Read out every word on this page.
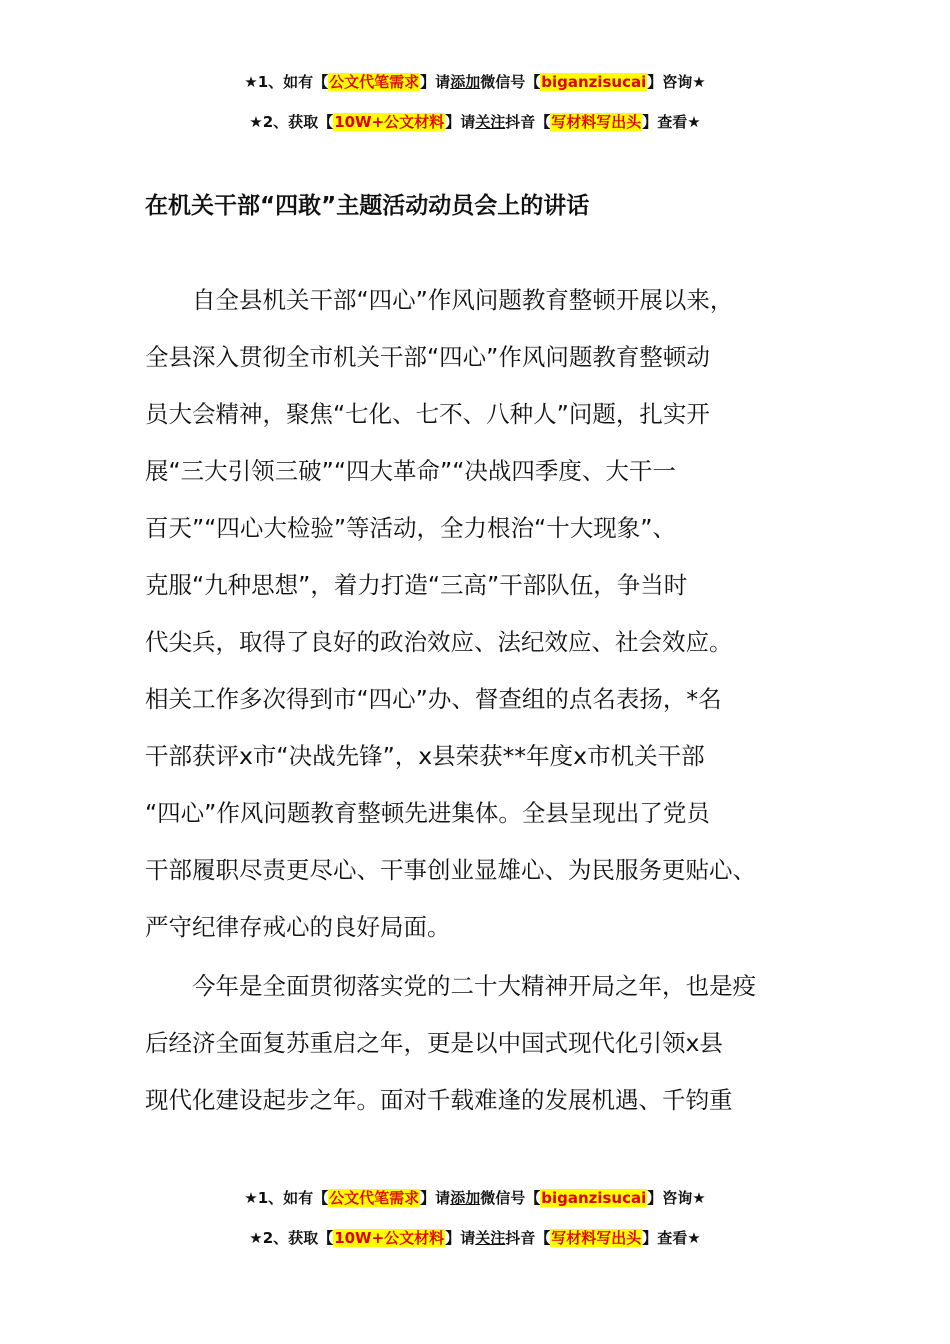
★1、如有【公文代笔需求】请添加微信号【biganzisucai】咨询★
★2、获取【10W+公文材料】请关注抖音【写材料写出头】查看★
在机关干部“四敢”主题活动动员会上的讲话
　　自全县机关干部“四心”作风问题教育整顿开展以来，
全县深入贯彻全市机关干部“四心”作风问题教育整顿动
员大会精神，聚焦“七化、七不、八种人”问题，扎实开
展“三大引领三破”“四大革命”“决战四季度、大干一
百天”“四心大检验”等活动，全力根治“十大现象”、
克服“九种思想”，着力打造“三高”干部队伍，争当时
代尖兵，取得了良好的政治效应、法纪效应、社会效应。
相关工作多次得到市“四心”办、督查组的点名表扬，*名
干部获评x市“决战先锋”，x县荣获**年度x市机关干部
“四心”作风问题教育整顿先进集体。全县呈现出了党员
干部履职尽责更尽心、干事创业显雄心、为民服务更贴心、
严守纪律存戒心的良好局面。
　　今年是全面贯彻落实党的二十大精神开局之年，也是疫
后经济全面复苏重启之年，更是以中国式现代化引领x县
现代化建设起步之年。面对千载难逢的发展机遇、千钧重
★1、如有【公文代笔需求】请添加微信号【biganzisucai】咨询★
★2、获取【10W+公文材料】请关注抖音【写材料写出头】查看★
